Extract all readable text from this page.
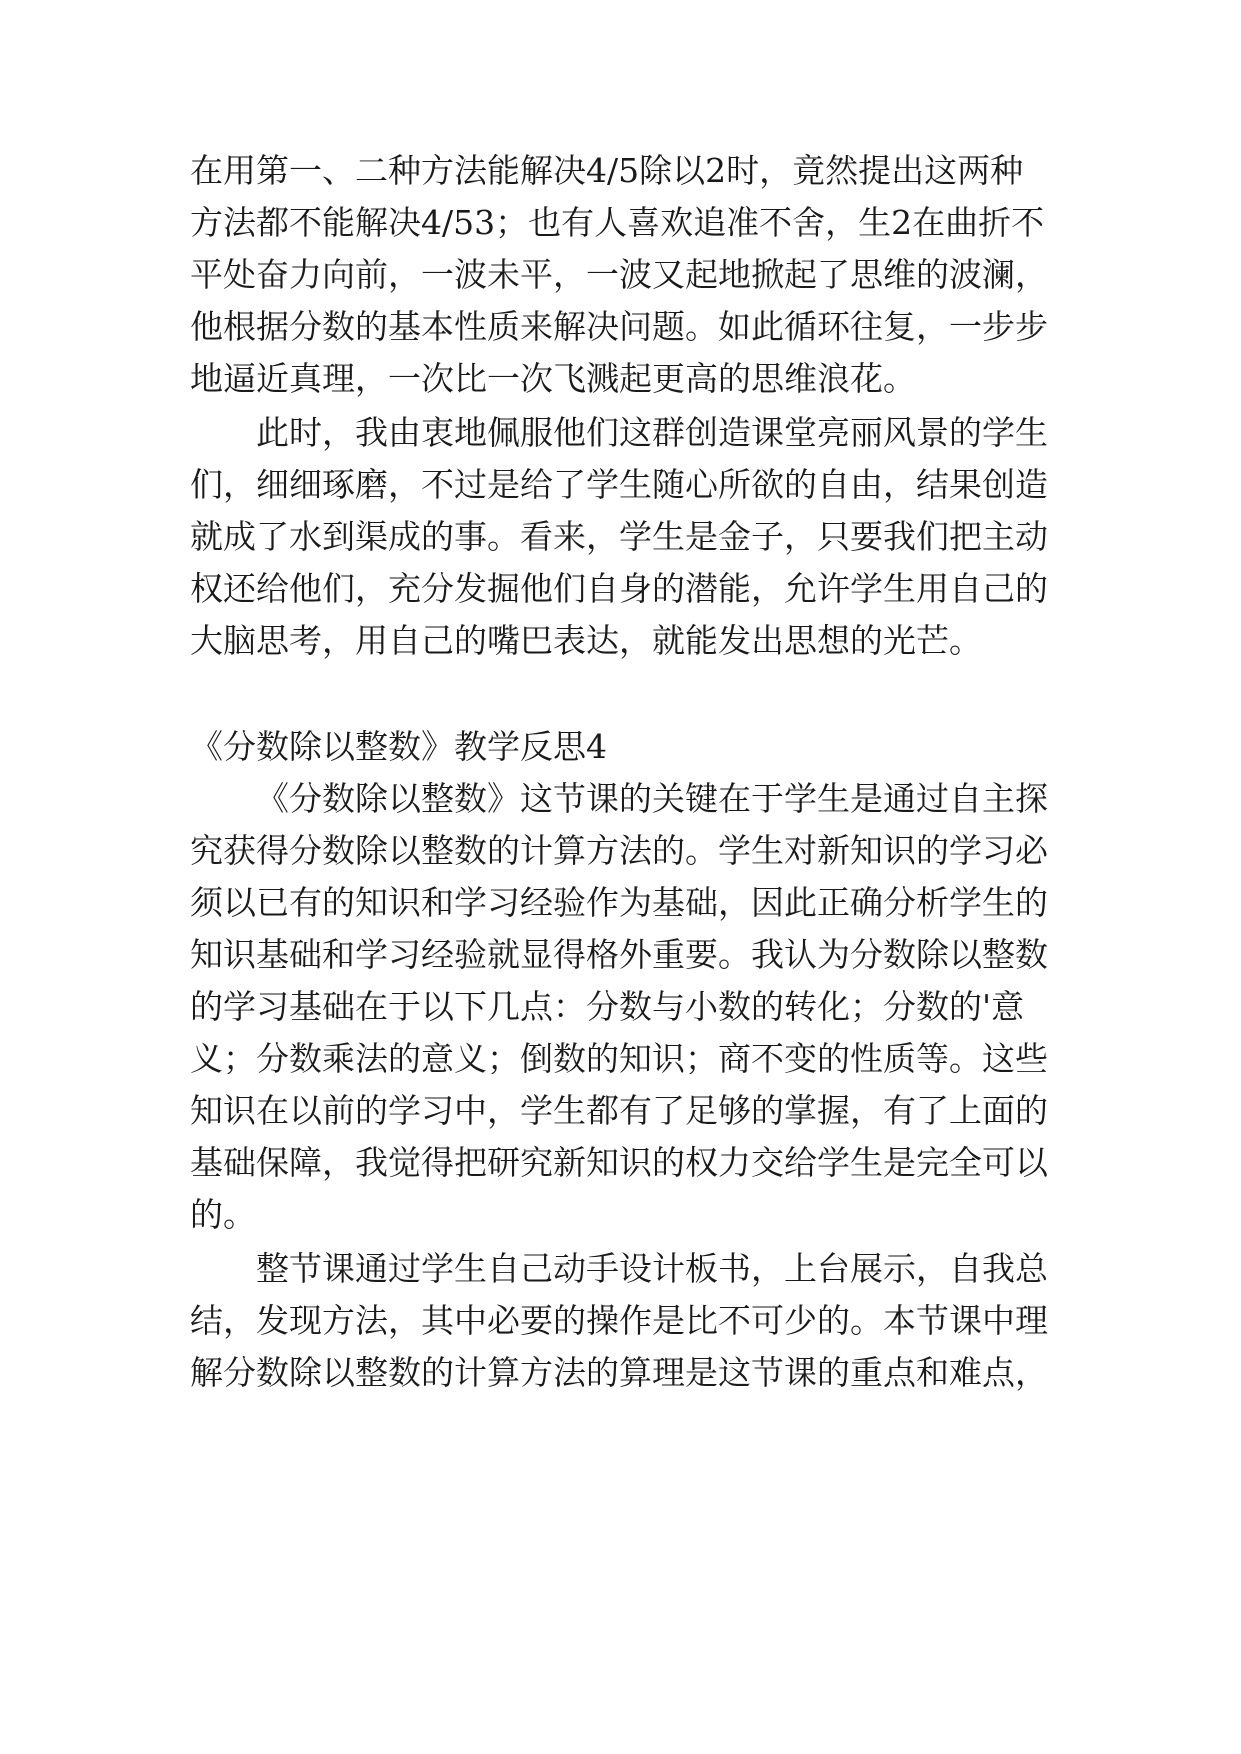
在用第一、二种方法能解决4/5除以2时，竟然提出这两种
方法都不能解决4/53；也有人喜欢追准不舍，生2在曲折不
平处奋力向前，一波未平，一波又起地掀起了思维的波澜，
他根据分数的基本性质来解决问题。如此循环往复，一步步
地逼近真理，一次比一次飞溅起更高的思维浪花。
此时，我由衷地佩服他们这群创造课堂亮丽风景的学生
们，细细琢磨，不过是给了学生随心所欲的自由，结果创造
就成了水到渠成的事。看来，学生是金子，只要我们把主动
权还给他们，充分发掘他们自身的潜能，允许学生用自己的
大脑思考，用自己的嘴巴表达，就能发出思想的光芒。
《分数除以整数》教学反思4
《分数除以整数》这节课的关键在于学生是通过自主探
究获得分数除以整数的计算方法的。学生对新知识的学习必
须以已有的知识和学习经验作为基础，因此正确分析学生的
知识基础和学习经验就显得格外重要。我认为分数除以整数
的学习基础在于以下几点：分数与小数的转化；分数的'意
义；分数乘法的意义；倒数的知识；商不变的性质等。这些
知识在以前的学习中，学生都有了足够的掌握，有了上面的
基础保障，我觉得把研究新知识的权力交给学生是完全可以
的。
整节课通过学生自己动手设计板书，上台展示，自我总
结，发现方法，其中必要的操作是比不可少的。本节课中理
解分数除以整数的计算方法的算理是这节课的重点和难点，
